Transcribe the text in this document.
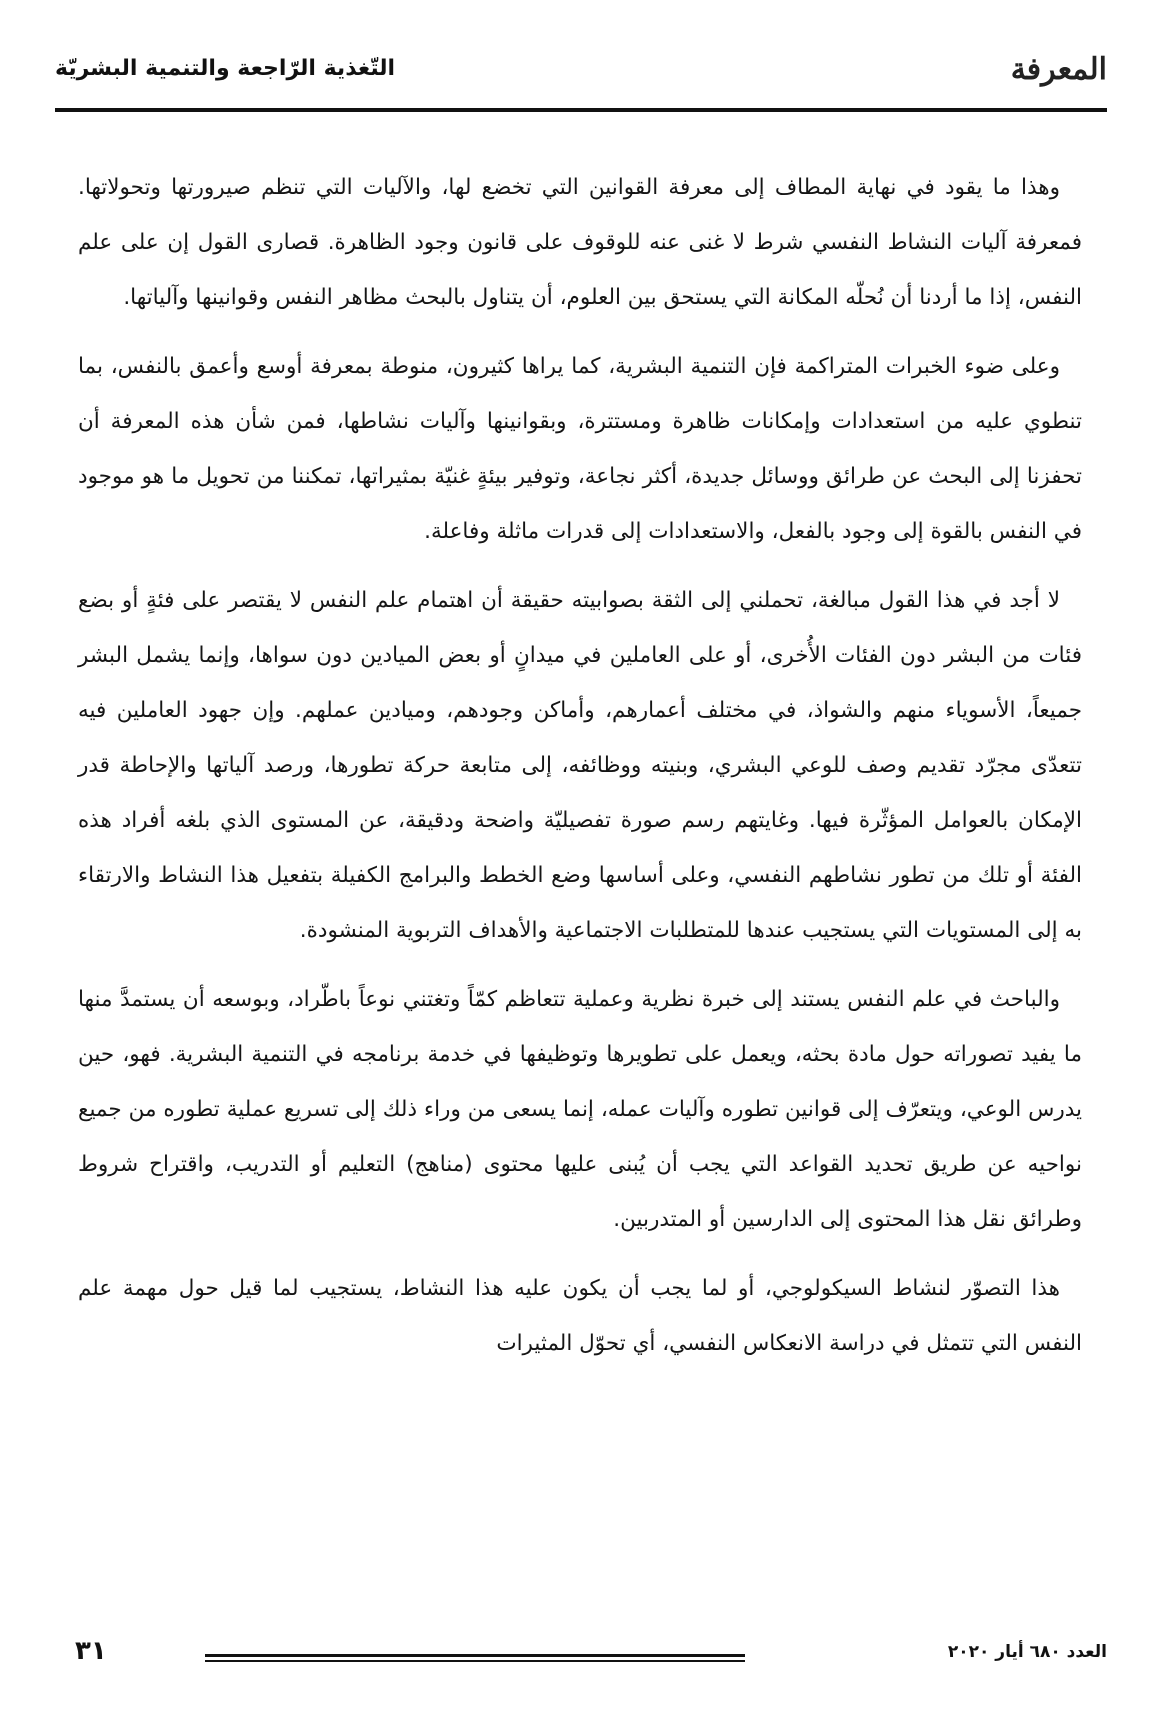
المعرفة
التّغذية الرّاجعة والتنمية البشريّة

وهذا ما يقود في نهاية المطاف إلى معرفة القوانين التي تخضع لها، والآليات التي تنظم صيرورتها وتحولاتها. فمعرفة آليات النشاط النفسي شرط لا غنى عنه للوقوف على قانون وجود الظاهرة. قصارى القول إن على علم النفس، إذا ما أردنا أن نُحلّه المكانة التي يستحق بين العلوم، أن يتناول بالبحث مظاهر النفس وقوانينها وآلياتها.

وعلى ضوء الخبرات المتراكمة فإن التنمية البشرية، كما يراها كثيرون، منوطة بمعرفة أوسع وأعمق بالنفس، بما تنطوي عليه من استعدادات وإمكانات ظاهرة ومستترة، وبقوانينها وآليات نشاطها، فمن شأن هذه المعرفة أن تحفزنا إلى البحث عن طرائق ووسائل جديدة، أكثر نجاعة، وتوفير بيئةٍ غنيّة بمثيراتها، تمكننا من تحويل ما هو موجود في النفس بالقوة إلى وجود بالفعل، والاستعدادات إلى قدرات ماثلة وفاعلة.

لا أجد في هذا القول مبالغة، تحملني إلى الثقة بصوابيته حقيقة أن اهتمام علم النفس لا يقتصر على فئةٍ أو بضع فئات من البشر دون الفئات الأُخرى، أو على العاملين في ميدانٍ أو بعض الميادين دون سواها، وإنما يشمل البشر جميعاً، الأسوياء منهم والشواذ، في مختلف أعمارهم، وأماكن وجودهم، وميادين عملهم. وإن جهود العاملين فيه تتعدّى مجرّد تقديم وصف للوعي البشري، وبنيته ووظائفه، إلى متابعة حركة تطورها، ورصد آلياتها والإحاطة قدر الإمكان بالعوامل المؤثّرة فيها. وغايتهم رسم صورة تفصيليّة واضحة ودقيقة، عن المستوى الذي بلغه أفراد هذه الفئة أو تلك من تطور نشاطهم النفسي، وعلى أساسها وضع الخطط والبرامج الكفيلة بتفعيل هذا النشاط والارتقاء به إلى المستويات التي يستجيب عندها للمتطلبات الاجتماعية والأهداف التربوية المنشودة.

والباحث في علم النفس يستند إلى خبرة نظرية وعملية تتعاظم كمّاً وتغتني نوعاً باطّراد، وبوسعه أن يستمدَّ منها ما يفيد تصوراته حول مادة بحثه، ويعمل على تطويرها وتوظيفها في خدمة برنامجه في التنمية البشرية. فهو، حين يدرس الوعي، ويتعرّف إلى قوانين تطوره وآليات عمله، إنما يسعى من وراء ذلك إلى تسريع عملية تطوره من جميع نواحيه عن طريق تحديد القواعد التي يجب أن يُبنى عليها محتوى (مناهج) التعليم أو التدريب، واقتراح شروط وطرائق نقل هذا المحتوى إلى الدارسين أو المتدربين.

هذا التصوّر لنشاط السيكولوجي، أو لما يجب أن يكون عليه هذا النشاط، يستجيب لما قيل حول مهمة علم النفس التي تتمثل في دراسة الانعكاس النفسي، أي تحوّل المثيرات

العدد ٦٨٠ أيار ٢٠٢٠
٣١
